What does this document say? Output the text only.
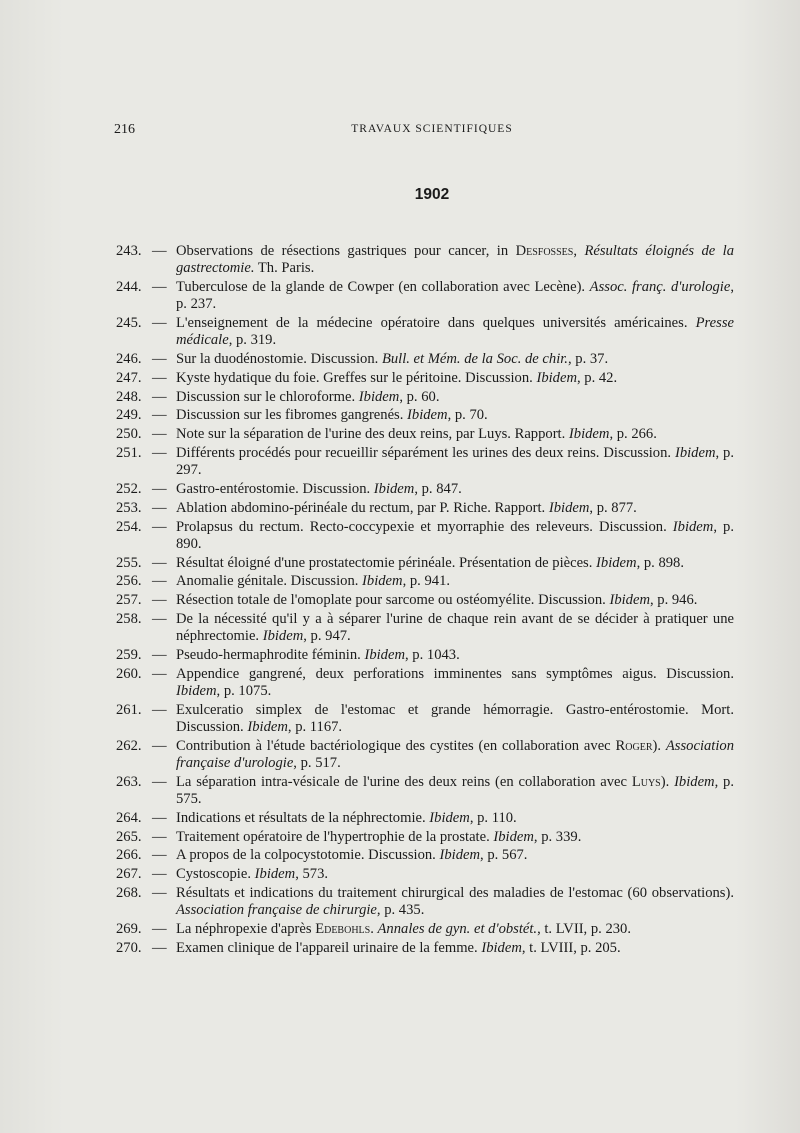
216	TRAVAUX SCIENTIFIQUES
1902
243. — Observations de résections gastriques pour cancer, in Desfosses, Résultats éloignés de la gastrectomie. Th. Paris.
244. — Tuberculose de la glande de Cowper (en collaboration avec Lecène). Assoc. franç. d'urologie, p. 237.
245. — L'enseignement de la médecine opératoire dans quelques universités américaines. Presse médicale, p. 319.
246. — Sur la duodénostomie. Discussion. Bull. et Mém. de la Soc. de chir., p. 37.
247. — Kyste hydatique du foie. Greffes sur le péritoine. Discussion. Ibidem, p. 42.
248. — Discussion sur le chloroforme. Ibidem, p. 60.
249. — Discussion sur les fibromes gangrenés. Ibidem, p. 70.
250. — Note sur la séparation de l'urine des deux reins, par Luys. Rapport. Ibidem, p. 266.
251. — Différents procédés pour recueillir séparément les urines des deux reins. Discussion. Ibidem, p. 297.
252. — Gastro-entérostomie. Discussion. Ibidem, p. 847.
253. — Ablation abdomino-périnéale du rectum, par P. Riche. Rapport. Ibidem, p. 877.
254. — Prolapsus du rectum. Recto-coccypexie et myorraphie des releveurs. Discussion. Ibidem, p. 890.
255. — Résultat éloigné d'une prostatectomie périnéale. Présentation de pièces. Ibidem, p. 898.
256. — Anomalie génitale. Discussion. Ibidem, p. 941.
257. — Résection totale de l'omoplate pour sarcome ou ostéomyélite. Discussion. Ibidem, p. 946.
258. — De la nécessité qu'il y a à séparer l'urine de chaque rein avant de se décider à pratiquer une néphrectomie. Ibidem, p. 947.
259. — Pseudo-hermaphrodite féminin. Ibidem, p. 1043.
260. — Appendice gangrené, deux perforations imminentes sans symptômes aigus. Discussion. Ibidem, p. 1075.
261. — Exulceratio simplex de l'estomac et grande hémorragie. Gastro-entérostomie. Mort. Discussion. Ibidem, p. 1167.
262. — Contribution à l'étude bactériologique des cystites (en collaboration avec Roger). Association française d'urologie, p. 517.
263. — La séparation intra-vésicale de l'urine des deux reins (en collaboration avec Luys). Ibidem, p. 575.
264. — Indications et résultats de la néphrectomie. Ibidem, p. 110.
265. — Traitement opératoire de l'hypertrophie de la prostate. Ibidem, p. 339.
266. — A propos de la colpocystotomie. Discussion. Ibidem, p. 567.
267. — Cystoscopie. Ibidem, 573.
268. — Résultats et indications du traitement chirurgical des maladies de l'estomac (60 observations). Association française de chirurgie, p. 435.
269. — La néphropexie d'après Edebohls. Annales de gyn. et d'obstét., t. LVII, p. 230.
270. — Examen clinique de l'appareil urinaire de la femme. Ibidem, t. LVIII, p. 205.
